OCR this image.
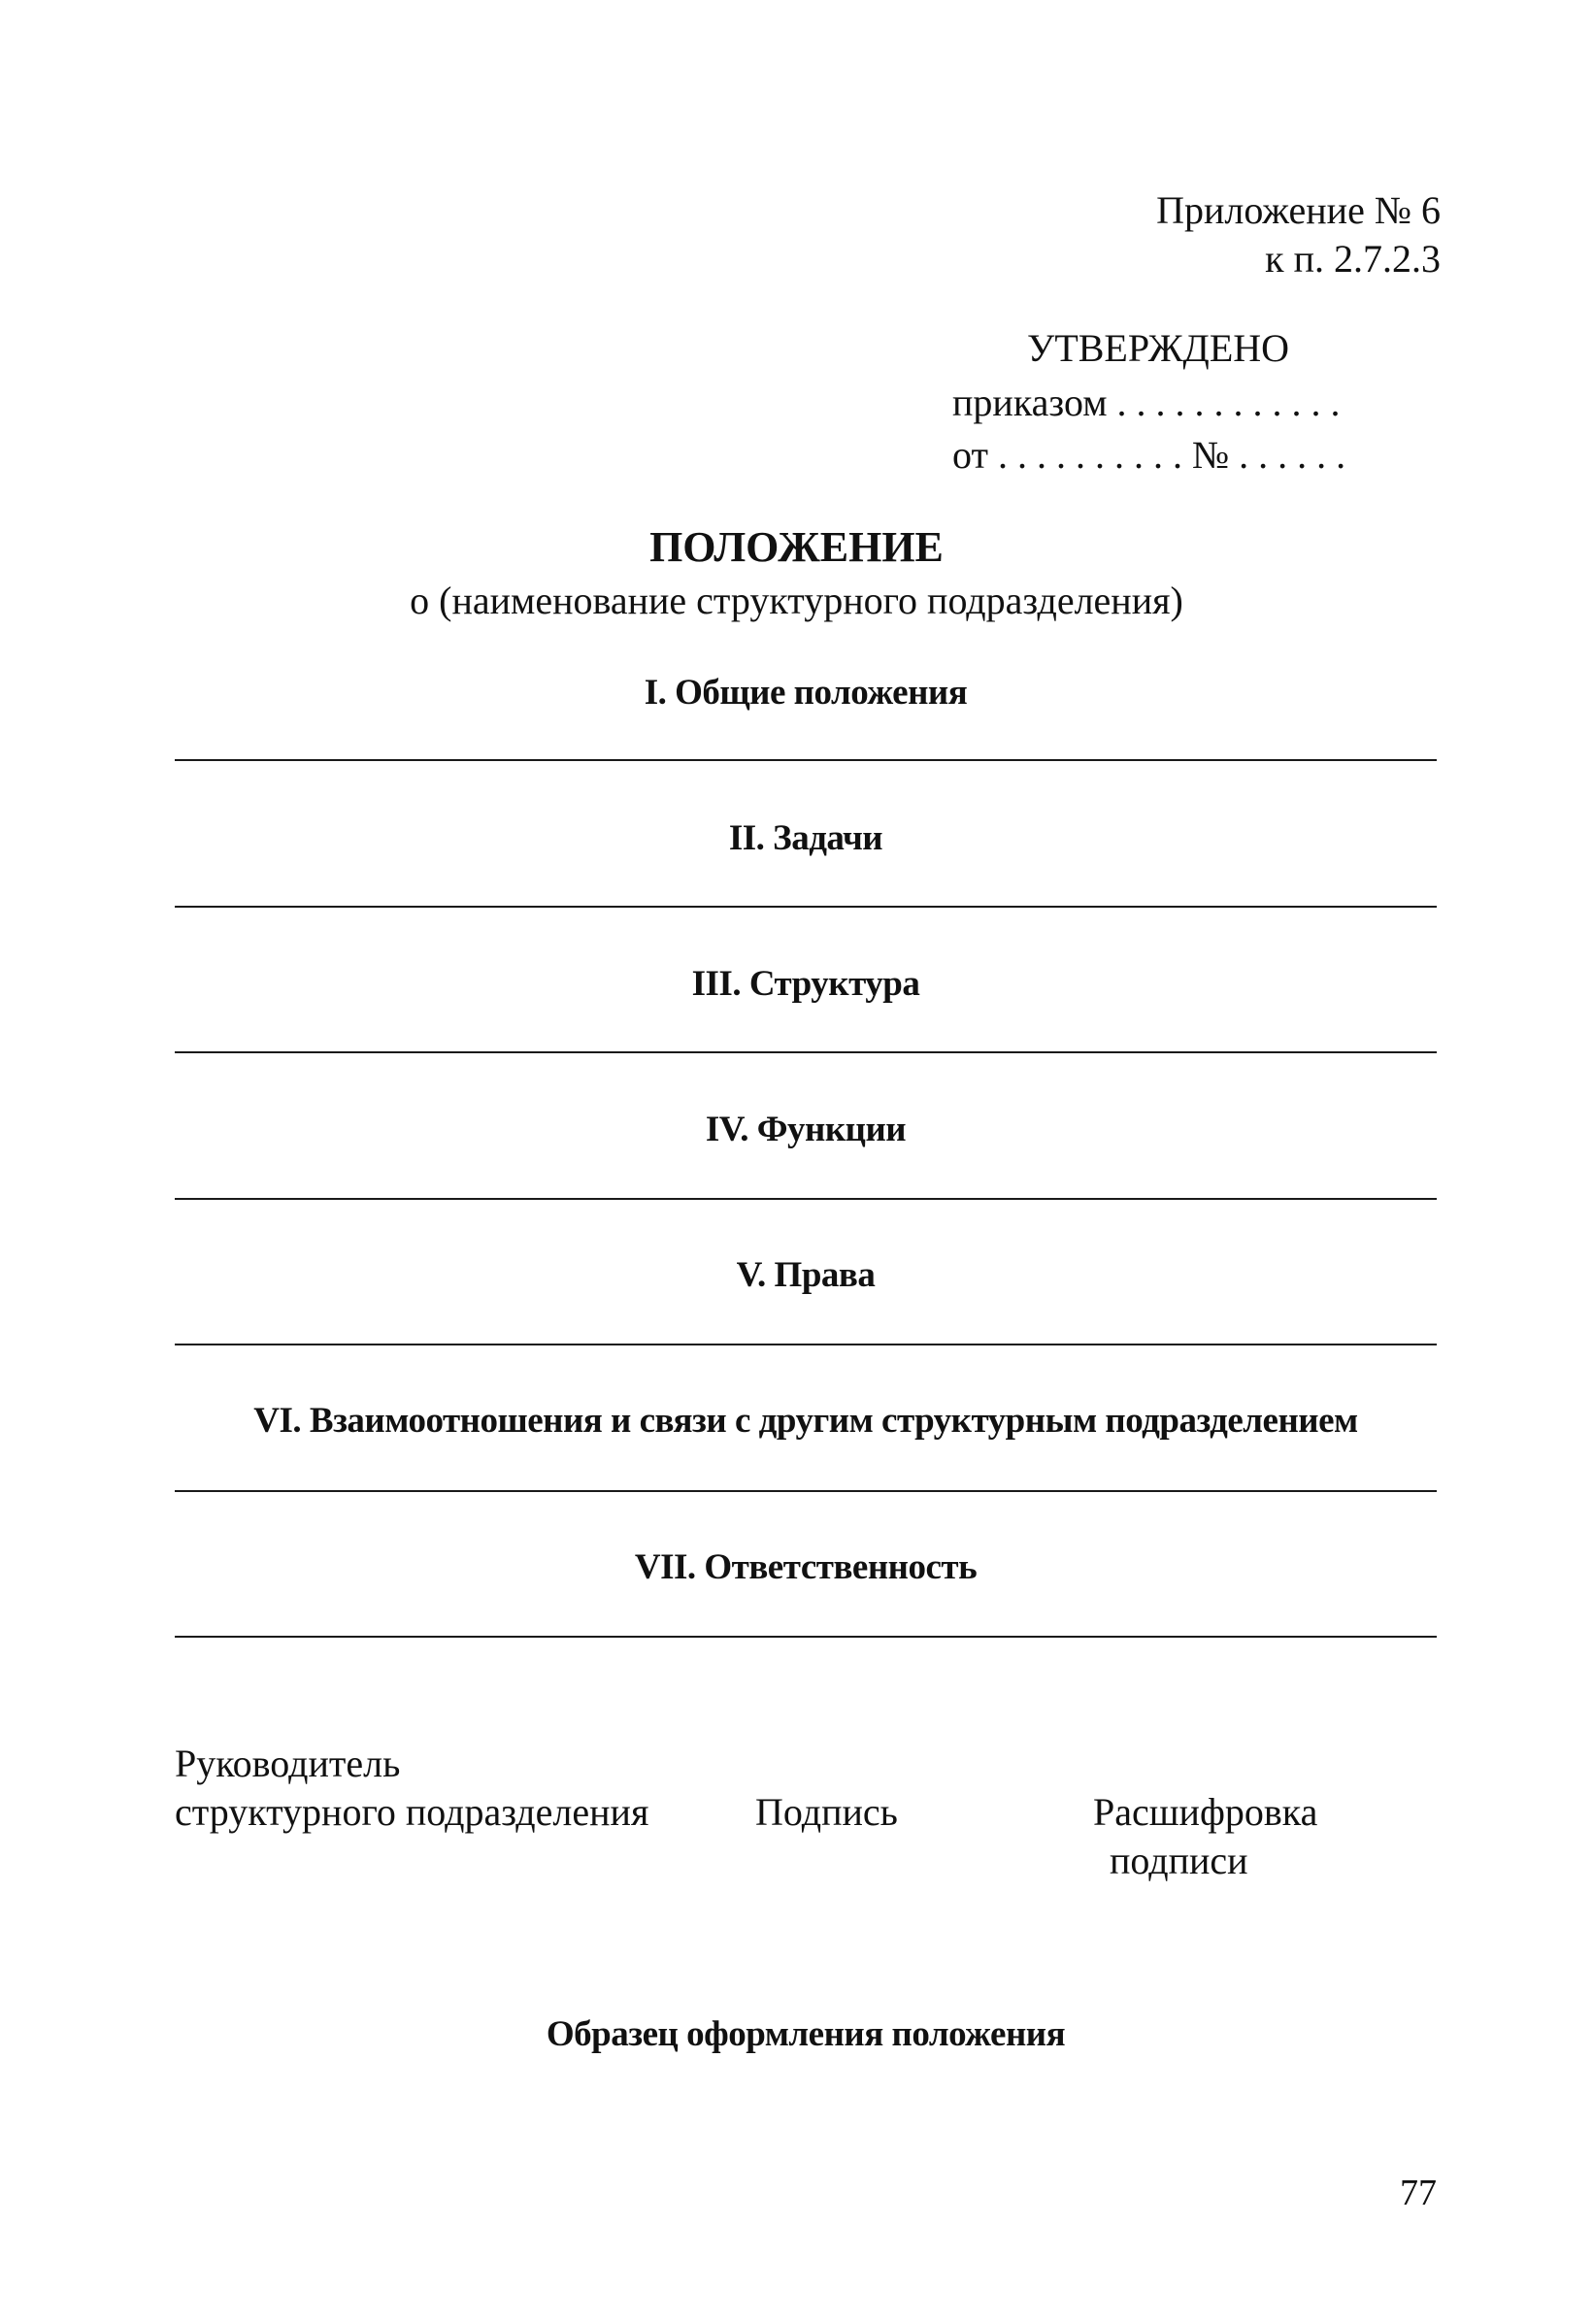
Приложение № 6
к п. 2.7.2.3
УТВЕРЖДЕНО
приказом . . . . . . . . . . . .
от . . . . . . . . . . № . . . . . .
ПОЛОЖЕНИЕ
о (наименование структурного подразделения)
I. Общие положения
II. Задачи
III. Структура
IV. Функции
V. Права
VI. Взаимоотношения и связи с другим структурным подразделением
VII. Ответственность
Руководитель
структурного подразделения	Подпись	Расшифровка
подписи
Образец оформления положения
77
